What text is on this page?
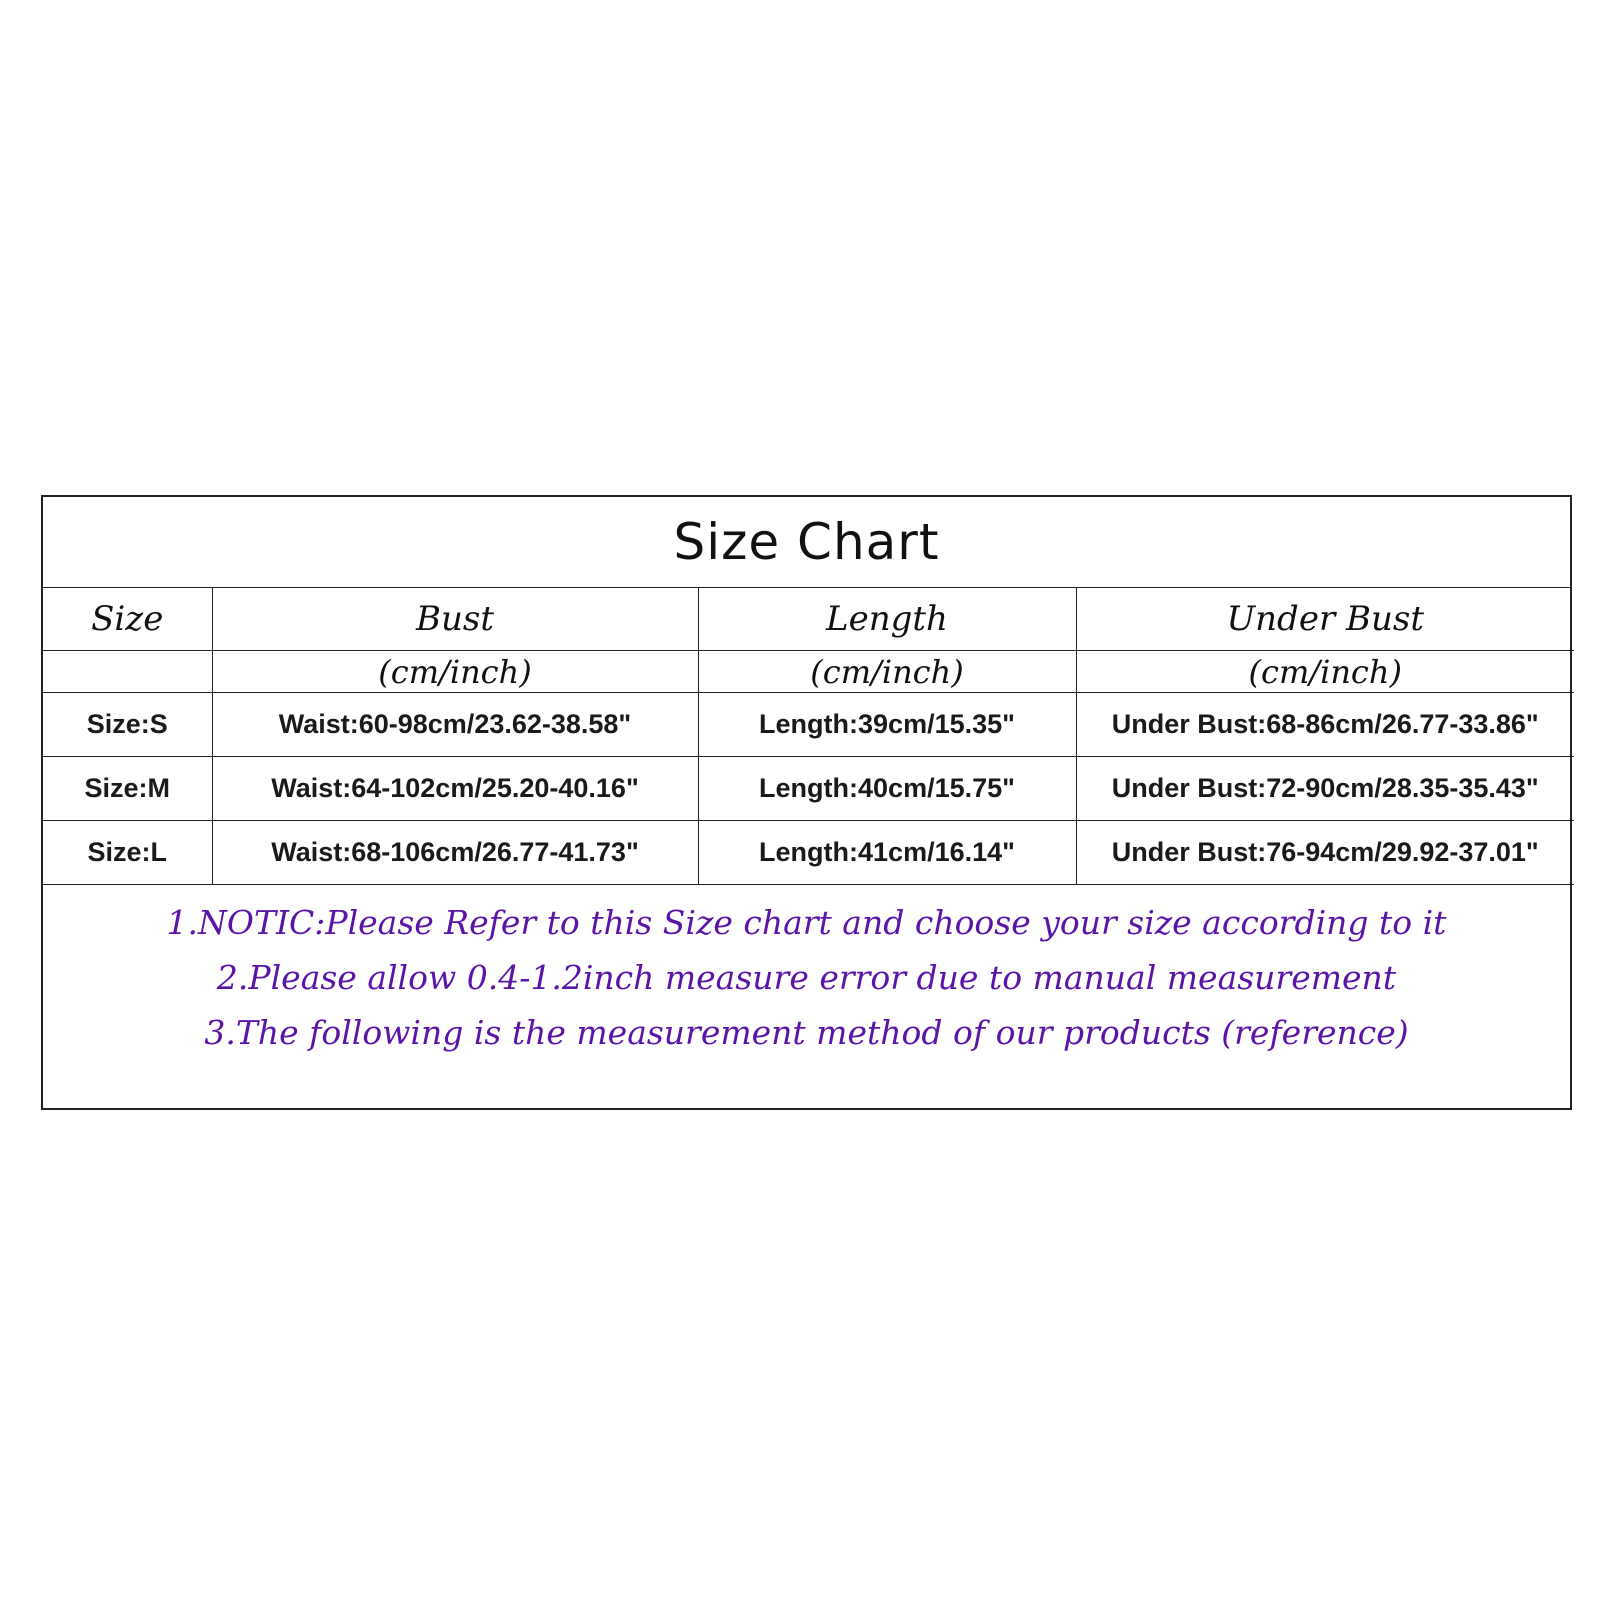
Size Chart
Size	Bust	Length	Under Bust
	(cm/inch)	(cm/inch)	(cm/inch)
Size:S	Waist:60-98cm/23.62-38.58"	Length:39cm/15.35"	Under Bust:68-86cm/26.77-33.86"
Size:M	Waist:64-102cm/25.20-40.16"	Length:40cm/15.75"	Under Bust:72-90cm/28.35-35.43"
Size:L	Waist:68-106cm/26.77-41.73"	Length:41cm/16.14"	Under Bust:76-94cm/29.92-37.01"
1.NOTIC:Please Refer to this Size chart and choose your size according to it
2.Please allow 0.4-1.2inch measure error due to manual measurement
3.The following is the measurement method of our products (reference)
